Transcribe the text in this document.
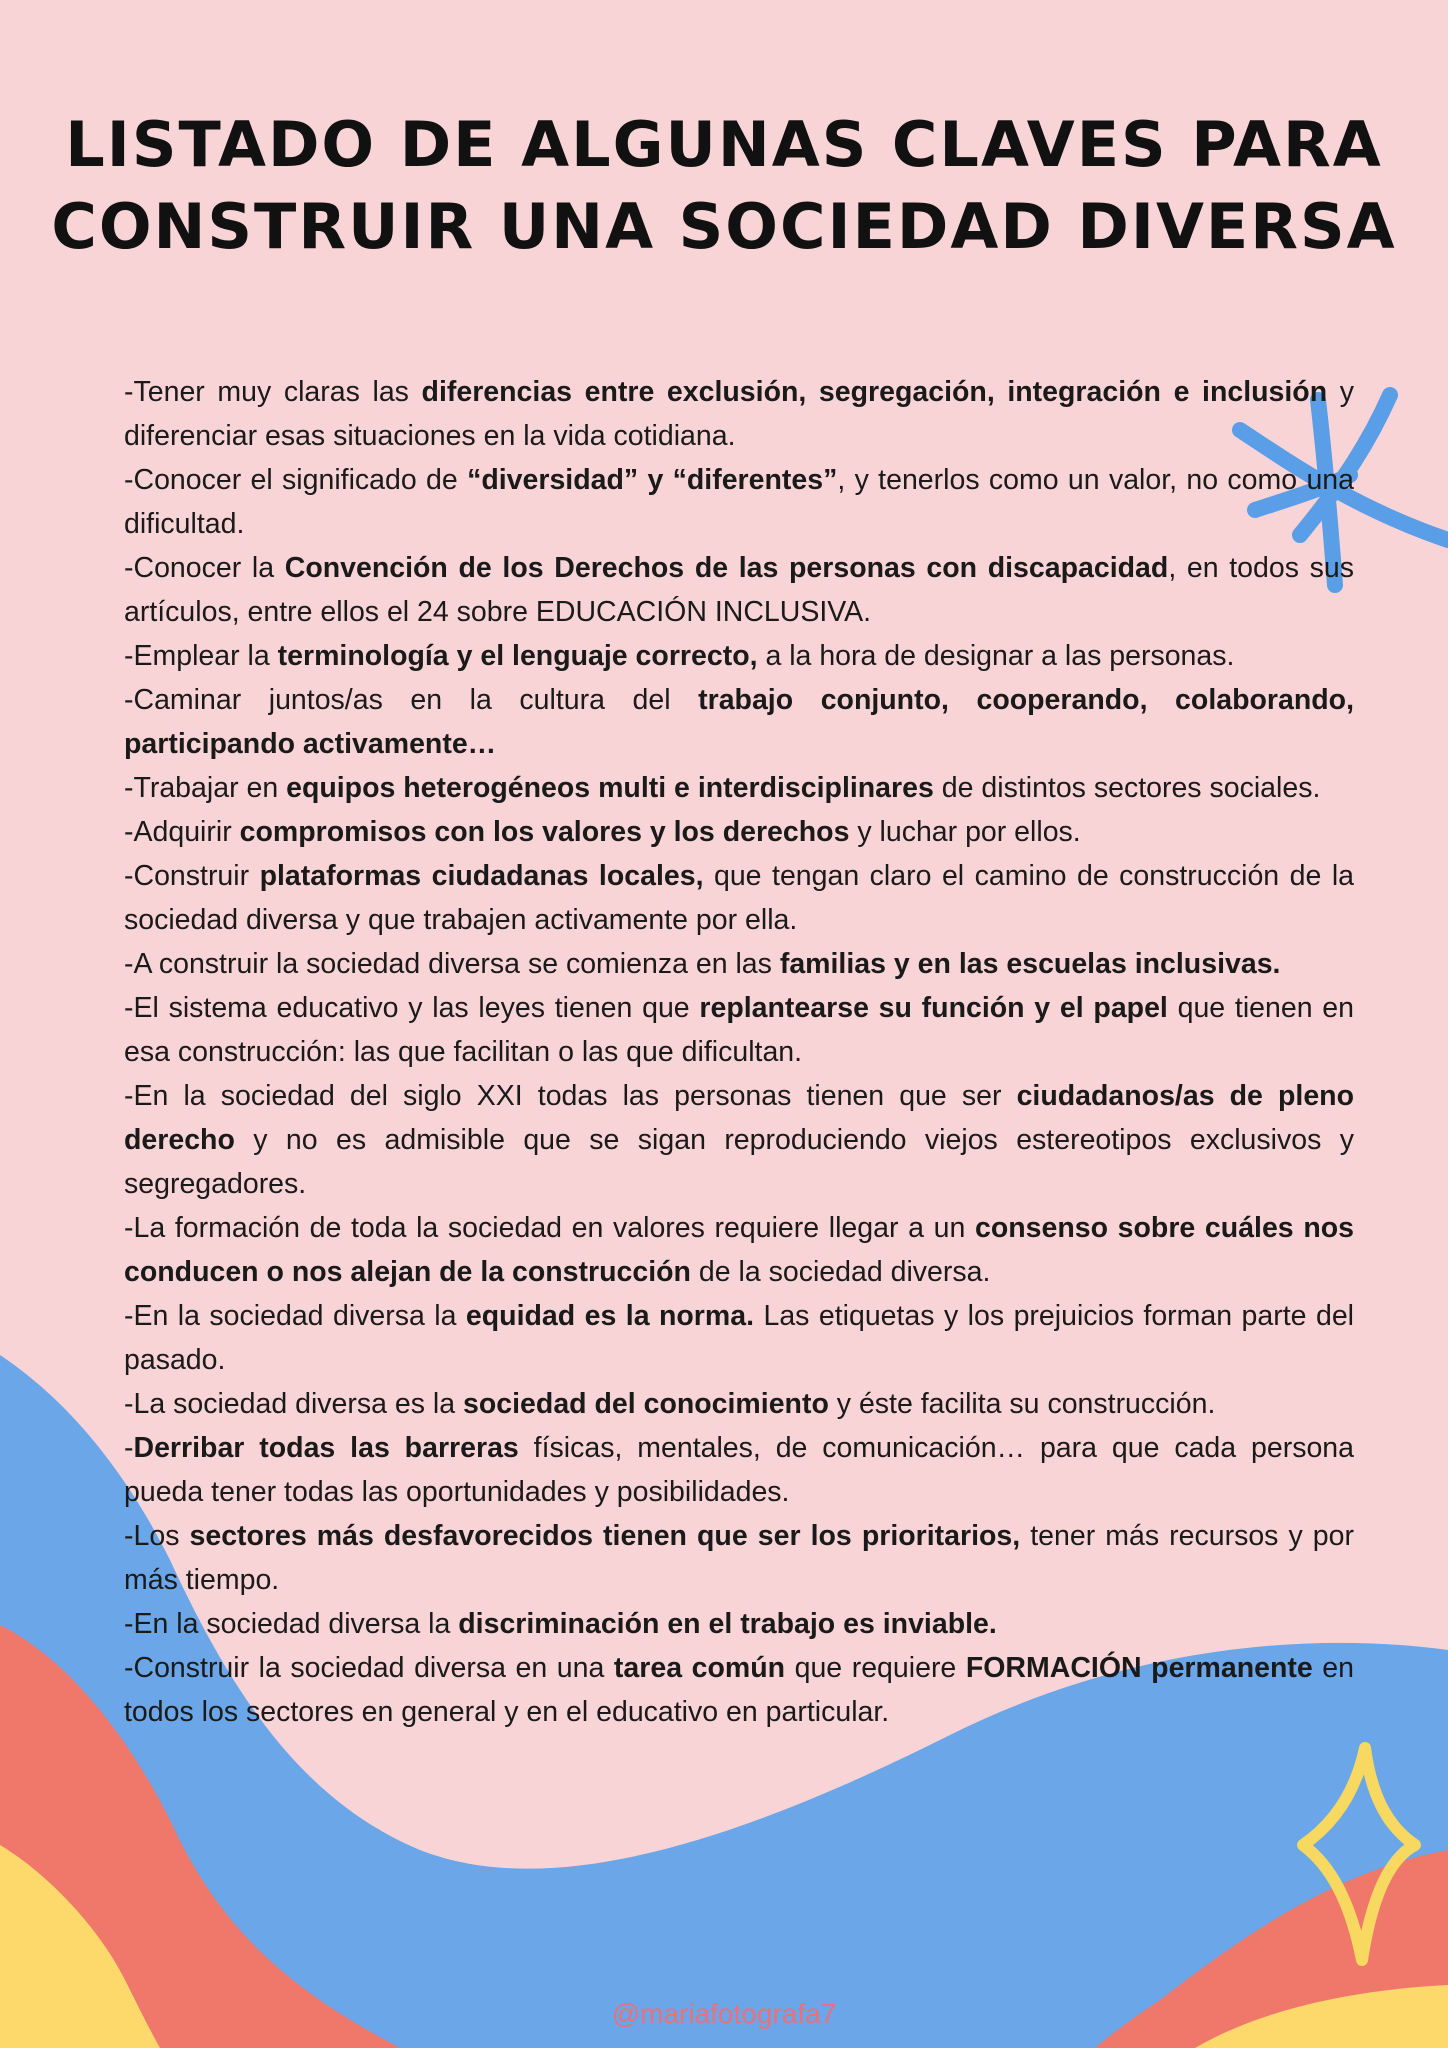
LISTADO DE ALGUNAS CLAVES PARA
CONSTRUIR UNA SOCIEDAD DIVERSA

-Tener muy claras las diferencias entre exclusión, segregación, integración e inclusión y diferenciar esas situaciones en la vida cotidiana.

-Conocer el significado de “diversidad” y “diferentes”, y tenerlos como un valor, no como una dificultad.

-Conocer la Convención de los Derechos de las personas con discapacidad, en todos sus artículos, entre ellos el 24 sobre EDUCACIÓN INCLUSIVA.

-Emplear la terminología y el lenguaje correcto, a la hora de designar a las personas.

-Caminar juntos/as en la cultura del trabajo conjunto, cooperando, colaborando, participando activamente…

-Trabajar en equipos heterogéneos multi e interdisciplinares de distintos sectores sociales.

-Adquirir compromisos con los valores y los derechos y luchar por ellos.

-Construir plataformas ciudadanas locales, que tengan claro el camino de construcción de la sociedad diversa y que trabajen activamente por ella.

-A construir la sociedad diversa se comienza en las familias y en las escuelas inclusivas.

-El sistema educativo y las leyes tienen que replantearse su función y el papel que tienen en esa construcción: las que facilitan o las que dificultan.

-En la sociedad del siglo XXI todas las personas tienen que ser ciudadanos/as de pleno derecho y no es admisible que se sigan reproduciendo viejos estereotipos exclusivos y segregadores.

-La formación de toda la sociedad en valores requiere llegar a un consenso sobre cuáles nos conducen o nos alejan de la construcción de la sociedad diversa.

-En la sociedad diversa la equidad es la norma. Las etiquetas y los prejuicios forman parte del pasado.

-La sociedad diversa es la sociedad del conocimiento y éste facilita su construcción.

-Derribar todas las barreras físicas, mentales, de comunicación… para que cada persona pueda tener todas las oportunidades y posibilidades.

-Los sectores más desfavorecidos tienen que ser los prioritarios, tener más recursos y por más tiempo.

-En la sociedad diversa la discriminación en el trabajo es inviable.

-Construir la sociedad diversa en una tarea común que requiere FORMACIÓN permanente en todos los sectores en general y en el educativo en particular.

@mariafotografa7
